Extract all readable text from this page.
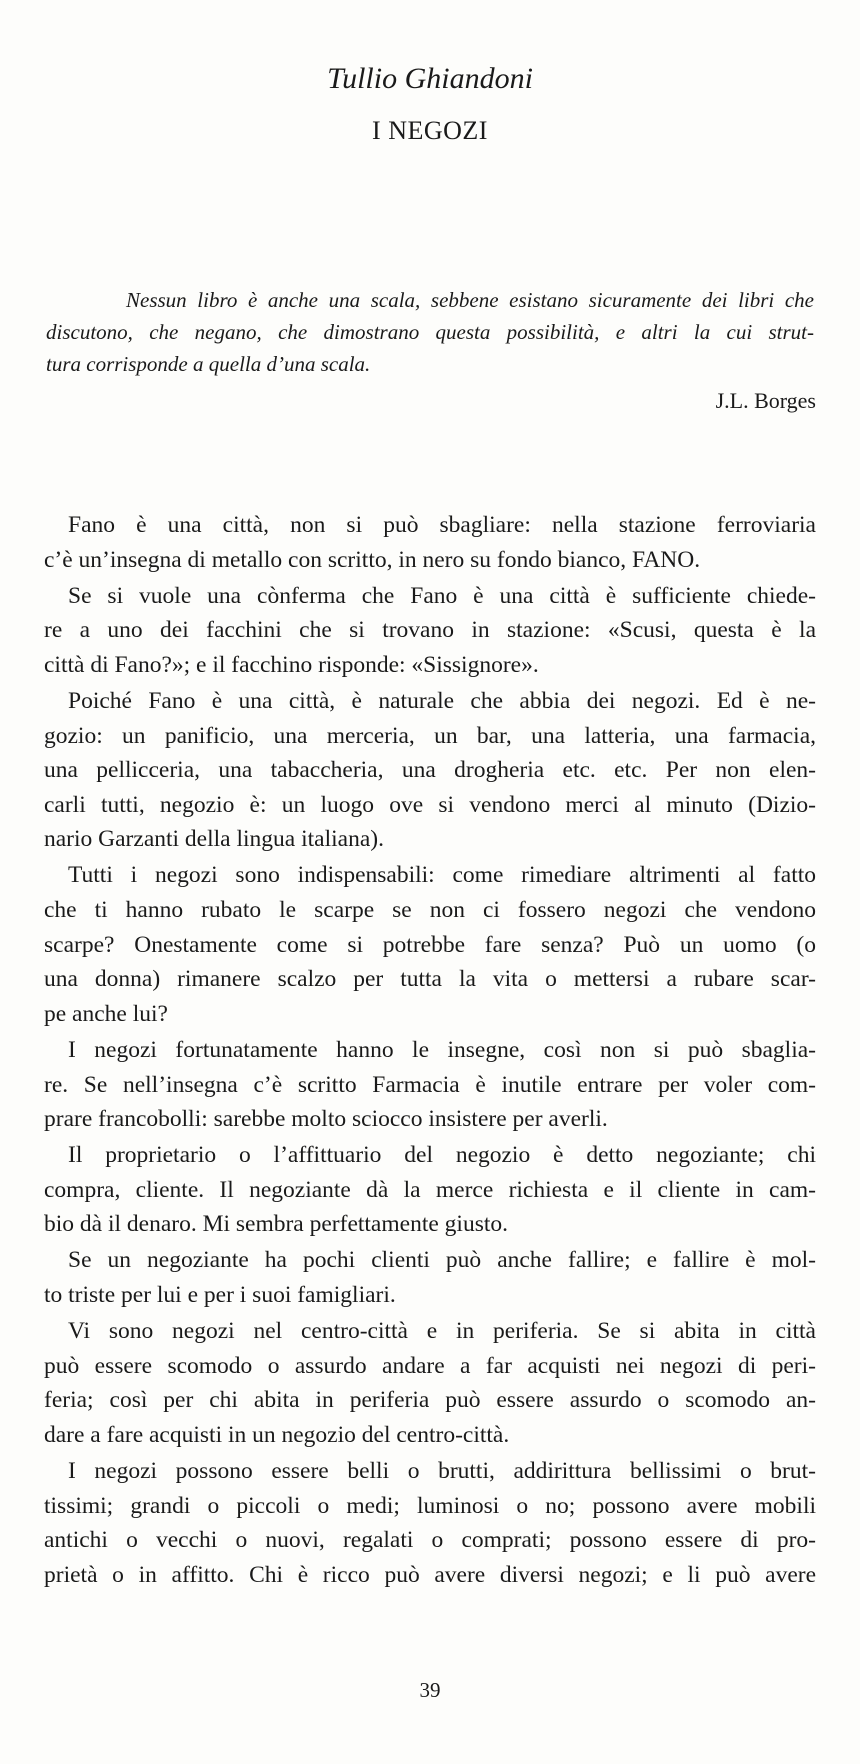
Tullio Ghiandoni
I NEGOZI
Nessun libro è anche una scala, sebbene esistano sicuramente dei libri che
discutono, che negano, che dimostrano questa possibilità, e altri la cui strut-
tura corrisponde a quella d’una scala.
J.L. Borges
Fano è una città, non si può sbagliare: nella stazione ferroviaria
c’è un’insegna di metallo con scritto, in nero su fondo bianco, FANO.
Se si vuole una cònferma che Fano è una città è sufficiente chiede-
re a uno dei facchini che si trovano in stazione: «Scusi, questa è la
città di Fano?»; e il facchino risponde: «Sissignore».
Poiché Fano è una città, è naturale che abbia dei negozi. Ed è ne-
gozio: un panificio, una merceria, un bar, una latteria, una farmacia,
una pellicceria, una tabaccheria, una drogheria etc. etc. Per non elen-
carli tutti, negozio è: un luogo ove si vendono merci al minuto (Dizio-
nario Garzanti della lingua italiana).
Tutti i negozi sono indispensabili: come rimediare altrimenti al fatto
che ti hanno rubato le scarpe se non ci fossero negozi che vendono
scarpe? Onestamente come si potrebbe fare senza? Può un uomo (o
una donna) rimanere scalzo per tutta la vita o mettersi a rubare scar-
pe anche lui?
I negozi fortunatamente hanno le insegne, così non si può sbaglia-
re. Se nell’insegna c’è scritto Farmacia è inutile entrare per voler com-
prare francobolli: sarebbe molto sciocco insistere per averli.
Il proprietario o l’affittuario del negozio è detto negoziante; chi
compra, cliente. Il negoziante dà la merce richiesta e il cliente in cam-
bio dà il denaro. Mi sembra perfettamente giusto.
Se un negoziante ha pochi clienti può anche fallire; e fallire è mol-
to triste per lui e per i suoi famigliari.
Vi sono negozi nel centro-città e in periferia. Se si abita in città
può essere scomodo o assurdo andare a far acquisti nei negozi di peri-
feria; così per chi abita in periferia può essere assurdo o scomodo an-
dare a fare acquisti in un negozio del centro-città.
I negozi possono essere belli o brutti, addirittura bellissimi o brut-
tissimi; grandi o piccoli o medi; luminosi o no; possono avere mobili
antichi o vecchi o nuovi, regalati o comprati; possono essere di pro-
prietà o in affitto. Chi è ricco può avere diversi negozi; e li può avere
39
